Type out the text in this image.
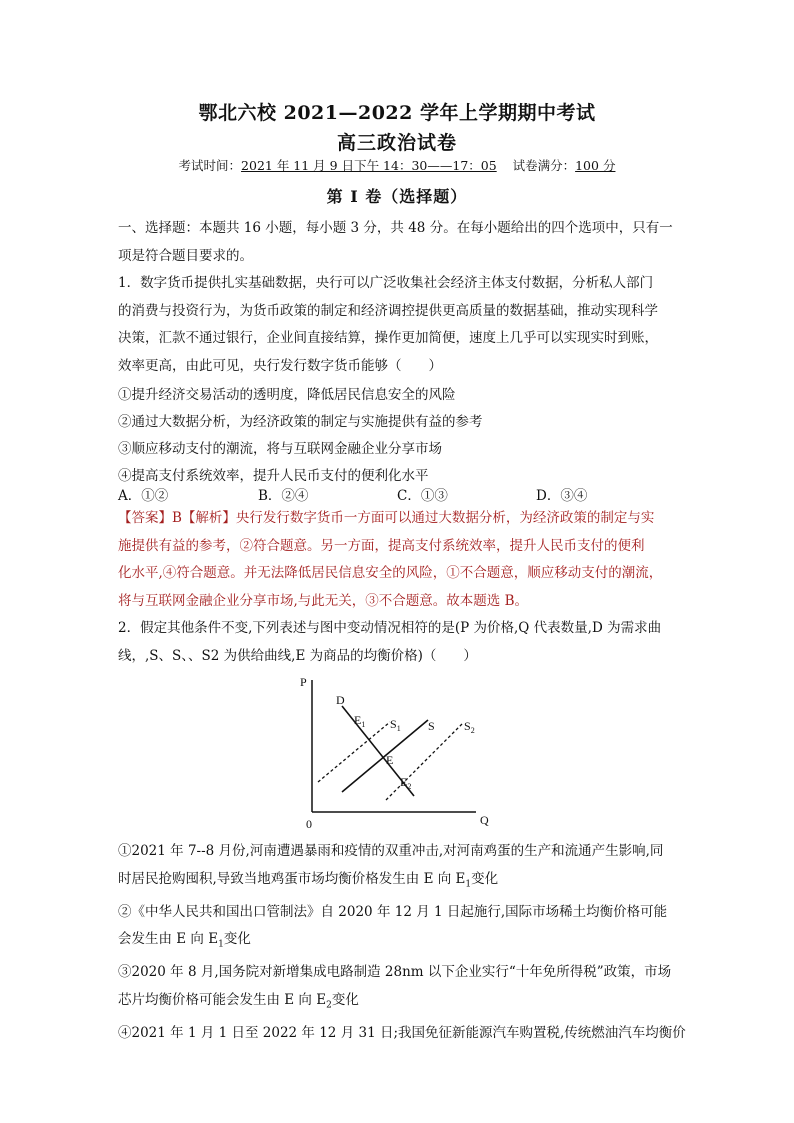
鄂北六校 2021—2022 学年上学期期中考试
高三政治试卷
考试时间：2021 年 11 月 9 日下午 14：30——17：05 试卷满分：100 分
第 I 卷（选择题）
一、选择题：本题共 16 小题，每小题 3 分，共 48 分。在每小题给出的四个选项中，只有一
项是符合题目要求的。
1．数字货币提供扎实基础数据，央行可以广泛收集社会经济主体支付数据，分析私人部门
的消费与投资行为，为货币政策的制定和经济调控提供更高质量的数据基础，推动实现科学
决策，汇款不通过银行，企业间直接结算，操作更加简便，速度上几乎可以实现实时到账，
效率更高，由此可见，央行发行数字货币能够（　　）
①提升经济交易活动的透明度，降低居民信息安全的风险
②通过大数据分析，为经济政策的制定与实施提供有益的参考
③顺应移动支付的潮流，将与互联网金融企业分享市场
④提高支付系统效率，提升人民币支付的便利化水平
A．①②	B．②④	C．①③	D．③④
【答案】B【解析】央行发行数字货币一方面可以通过大数据分析，为经济政策的制定与实
施提供有益的参考，②符合题意。另一方面，提高支付系统效率，提升人民币支付的便利
化水平,④符合题意。并无法降低居民信息安全的风险，①不合题意，顺应移动支付的潮流，
将与互联网金融企业分享市场,与此无关，③不合题意。故本题选 B。
2．假定其他条件不变,下列表述与图中变动情况相符的是(P 为价格,Q 代表数量,D 为需求曲
线，,S、S、、S2 为供给曲线,E 为商品的均衡价格)（　　）
P
Q
0
D
S
$S_1$	$S_2$
$E_1$
E
$E_2$
①2021 年 7--8 月份,河南遭遇暴雨和疫情的双重冲击,对河南鸡蛋的生产和流通产生影响,同
时居民抢购囤积,导致当地鸡蛋市场均衡价格发生由 E 向 $E_1$变化
②《中华人民共和国出口管制法》自 2020 年 12 月 1 日起施行,国际市场稀土均衡价格可能
会发生由 E 向 $E_1$变化
③2020 年 8 月,国务院对新增集成电路制造 28nm 以下企业实行“十年免所得税”政策，市场
芯片均衡价格可能会发生由 E 向 $E_2$变化
④2021 年 1 月 1 日至 2022 年 12 月 31 日;我国免征新能源汽车购置税,传统燃油汽车均衡价
